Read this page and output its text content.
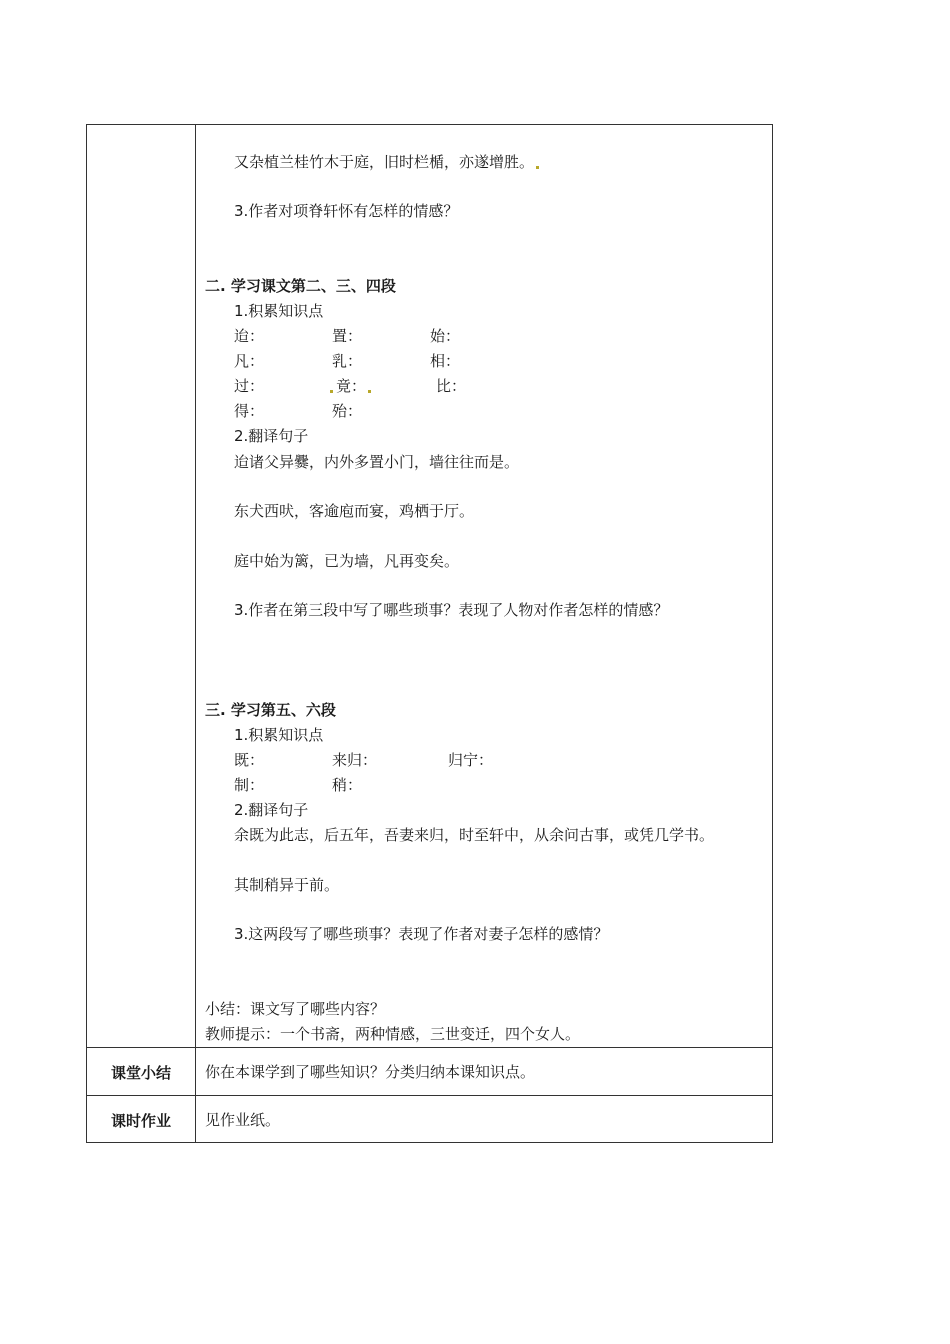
课堂小结	你在本课学到了哪些知识？分类归纳本课知识点。
课时作业	见作业纸。
又杂植兰桂竹木于庭，旧时栏楯，亦遂增胜。
3.作者对项脊轩怀有怎样的情感？
二. 学习课文第二、三、四段
1.积累知识点
迨：	置：	始：
凡：	乳：	相：
过：	竟：	比：
得：	殆：
2.翻译句子
迨诸父异爨，内外多置小门，墙往往而是。
东犬西吠，客逾庖而宴，鸡栖于厅。
庭中始为篱，已为墙，凡再变矣。
3.作者在第三段中写了哪些琐事？表现了人物对作者怎样的情感？
三. 学习第五、六段
1.积累知识点
既：	来归：	归宁：
制：	稍：
2.翻译句子
余既为此志，后五年，吾妻来归，时至轩中，从余问古事，或凭几学书。
其制稍异于前。
3.这两段写了哪些琐事？表现了作者对妻子怎样的感情？
小结：课文写了哪些内容？
教师提示：一个书斋，两种情感，三世变迁，四个女人。
